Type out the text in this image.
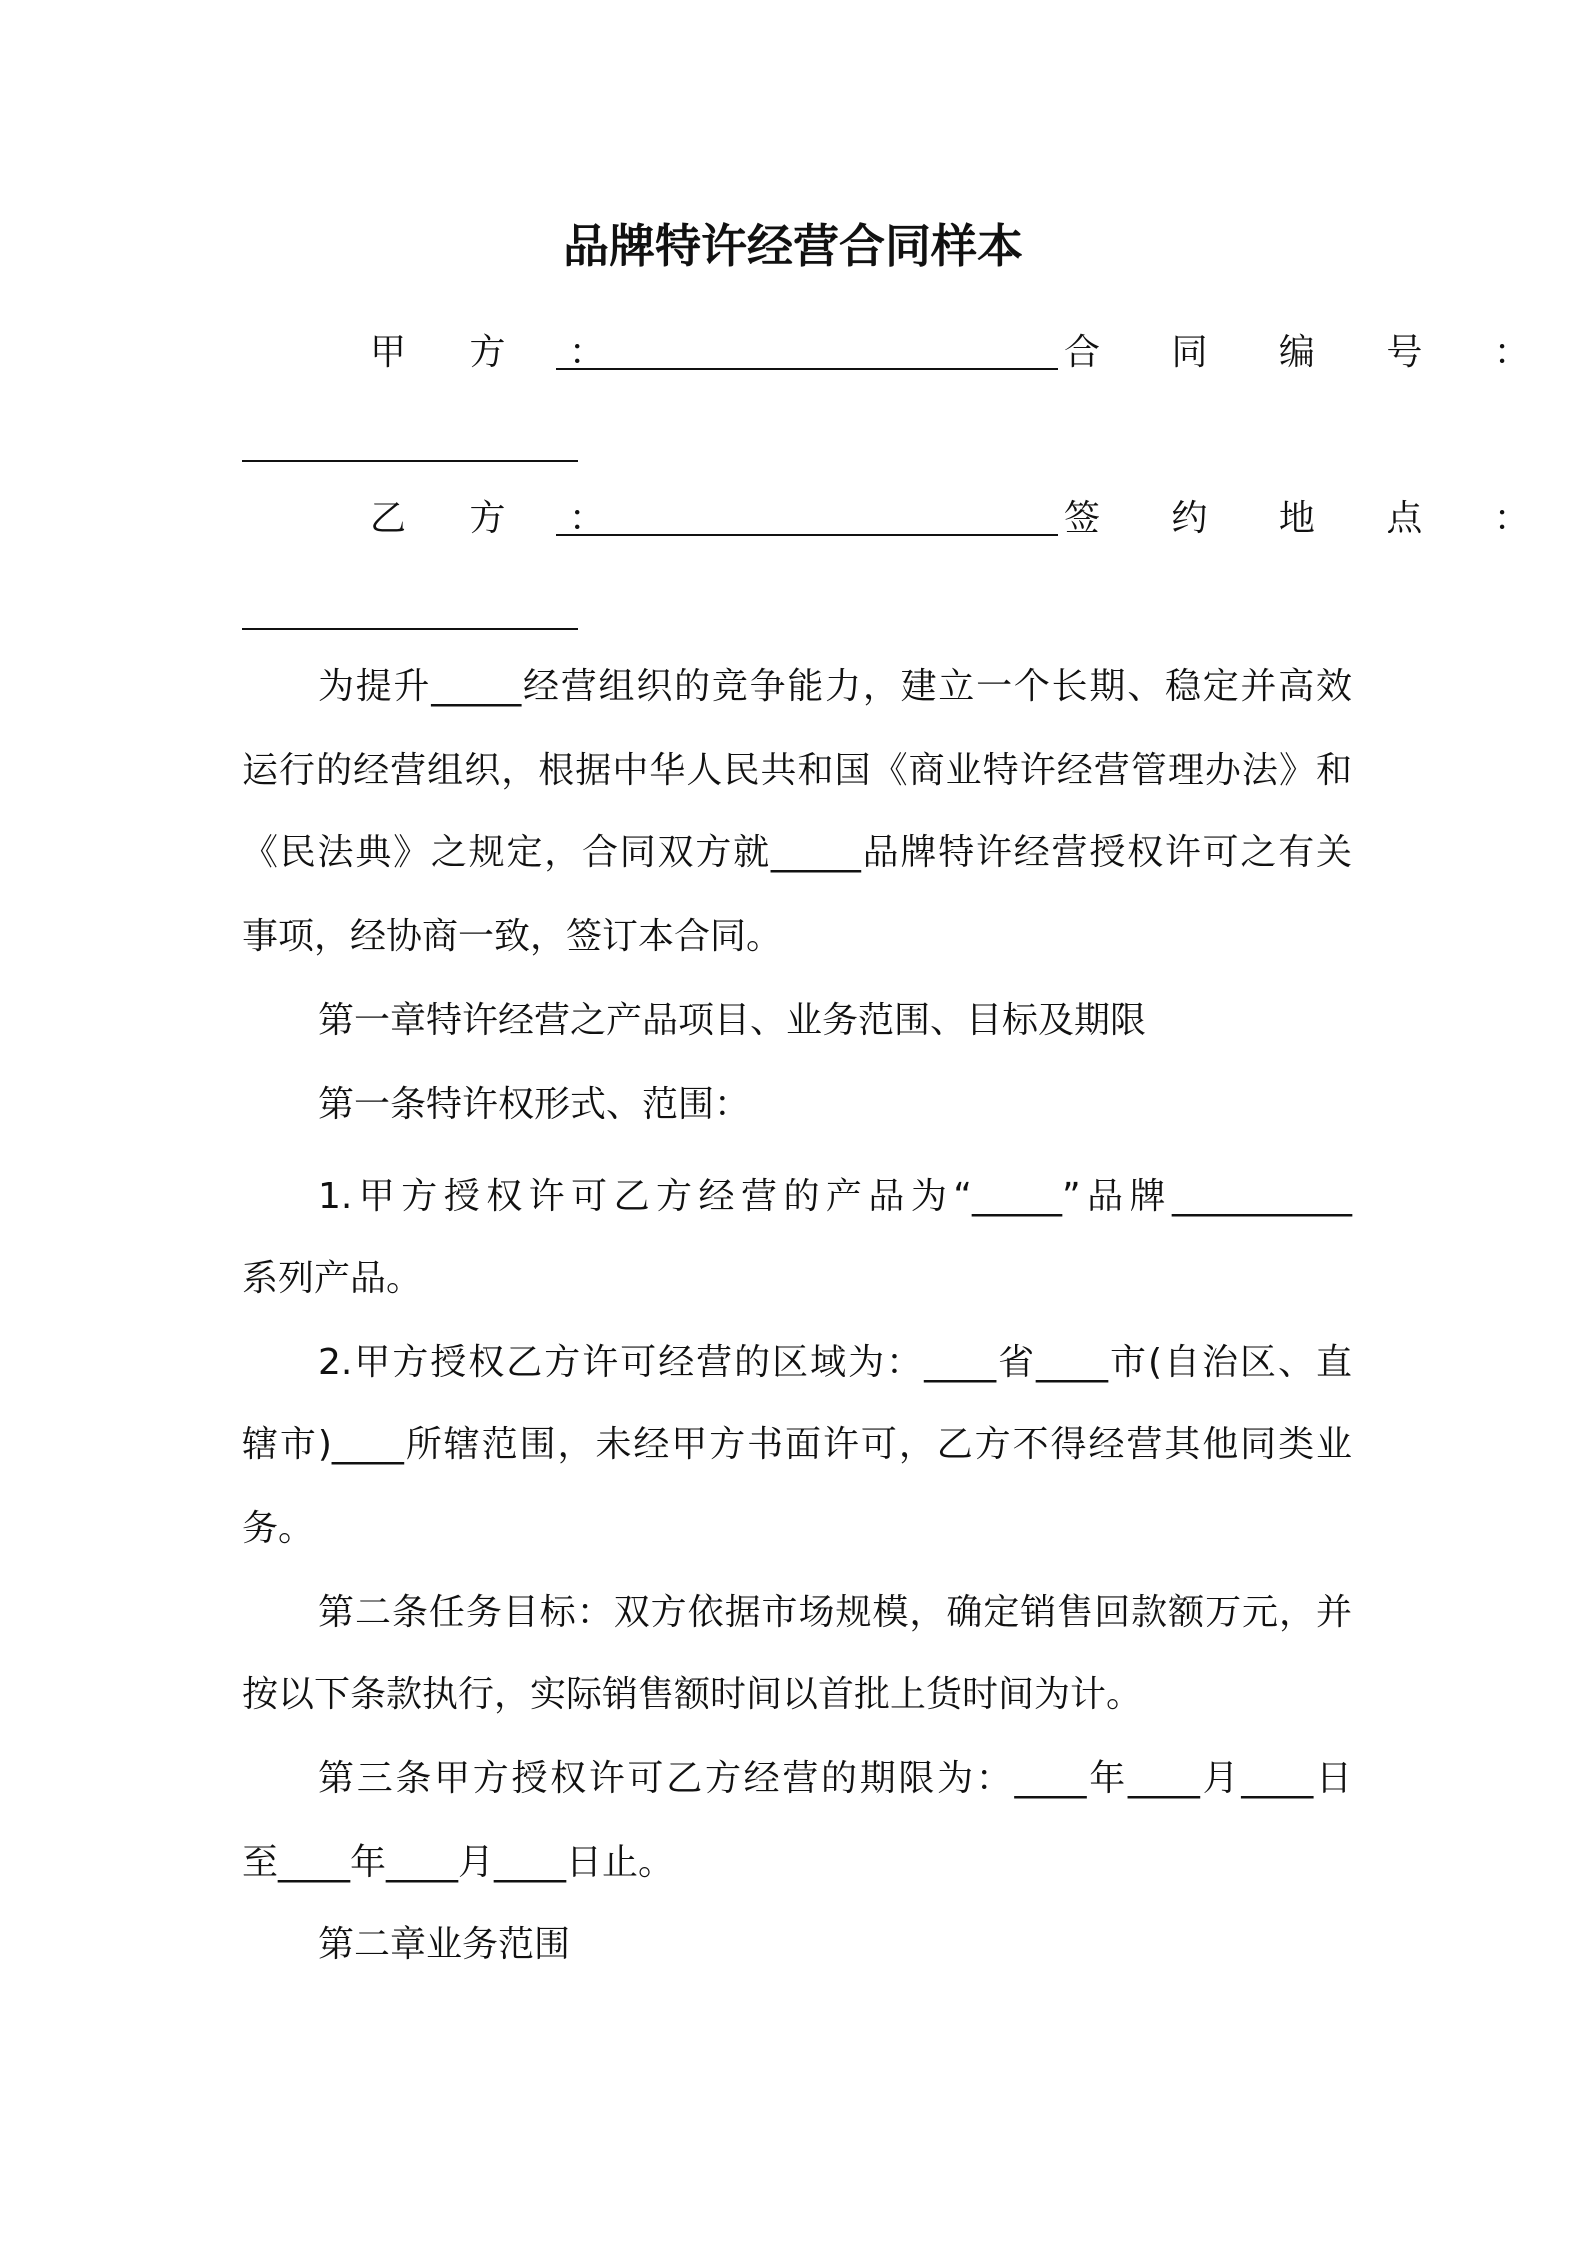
品牌特许经营合同样本
甲 方 ：	合 同 编 号 ：
乙 方 ：	签 约 地 点 ：
为提升_____经营组织的竞争能力，建立一个长期、稳定并高效
运行的经营组织，根据中华人民共和国《商业特许经营管理办法》和
《民法典》之规定，合同双方就_____品牌特许经营授权许可之有关
事项，经协商一致，签订本合同。
第一章特许经营之产品项目、业务范围、目标及期限
第一条特许权形式、范围：
1.甲方授权许可乙方经营的产品为“_____”品牌__________
系列产品。
2.甲方授权乙方许可经营的区域为：____省____市(自治区、直
辖市)____所辖范围，未经甲方书面许可，乙方不得经营其他同类业
务。
第二条任务目标：双方依据市场规模，确定销售回款额万元，并
按以下条款执行，实际销售额时间以首批上货时间为计。
第三条甲方授权许可乙方经营的期限为：____年____月____日
至____年____月____日止。
第二章业务范围
